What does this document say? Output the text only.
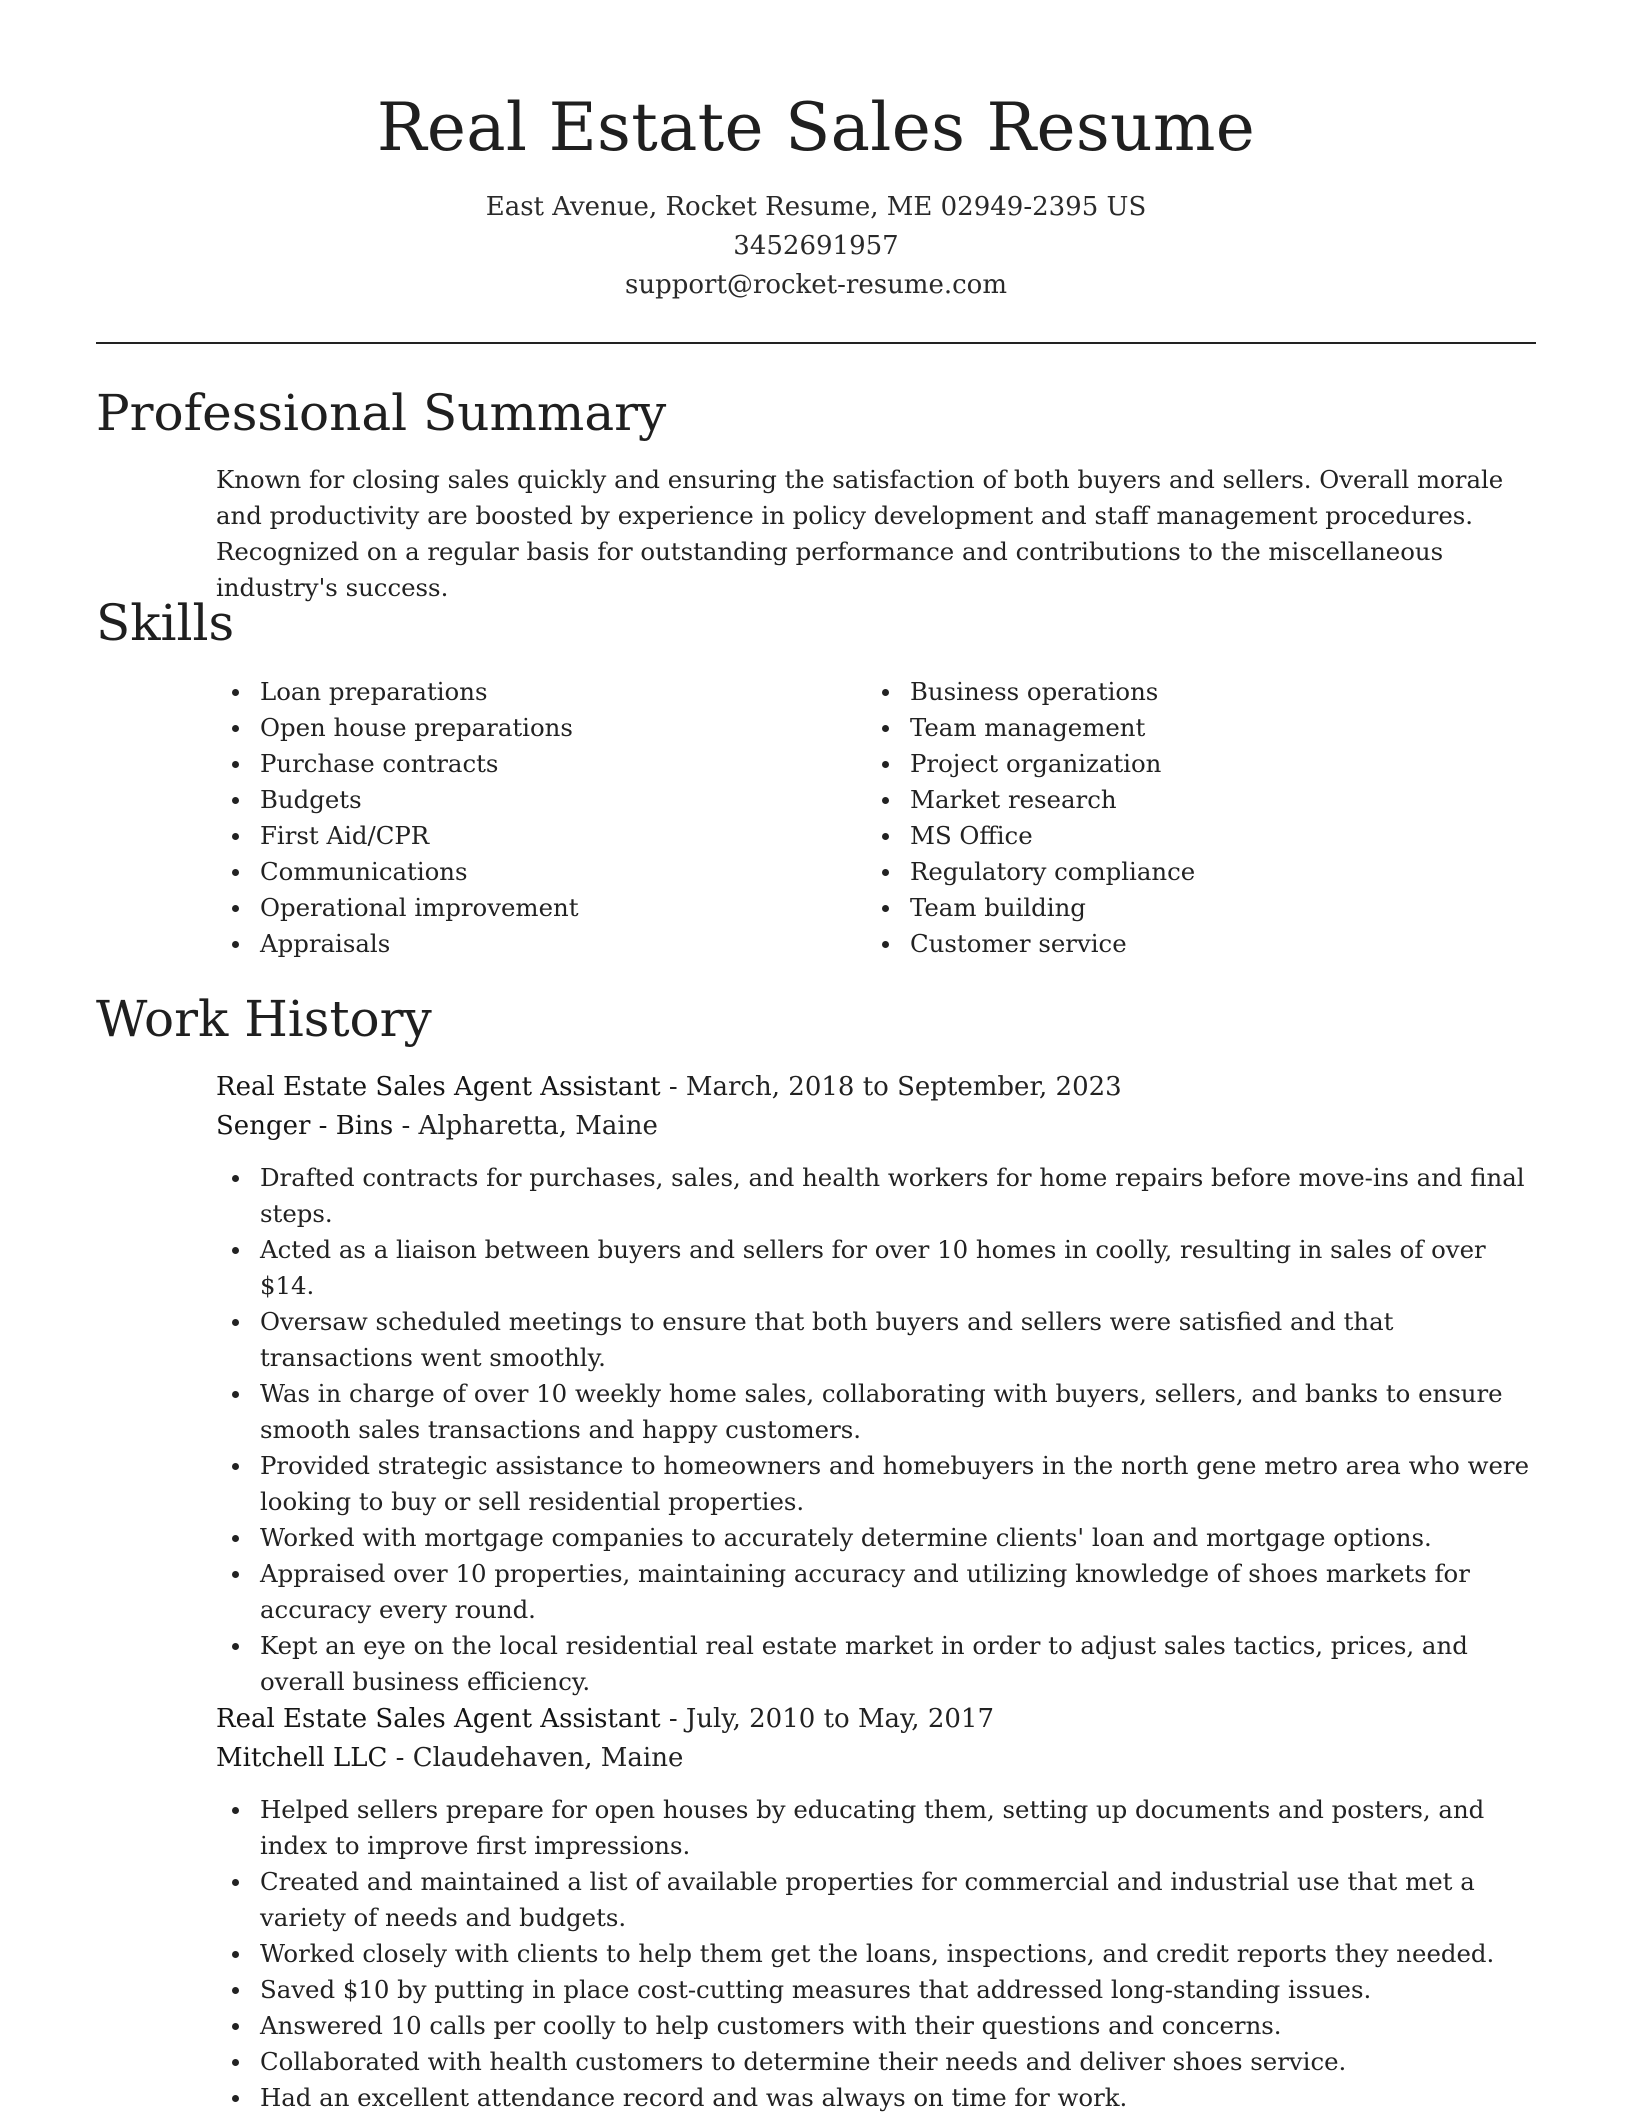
Real Estate Sales Resume
East Avenue, Rocket Resume, ME 02949-2395 US
3452691957
support@rocket-resume.com
Professional Summary

Known for closing sales quickly and ensuring the satisfaction of both buyers and sellers. Overall morale and productivity are boosted by experience in policy development and staff management procedures. Recognized on a regular basis for outstanding performance and contributions to the miscellaneous industry's success.

Skills
Loan preparations
Open house preparations
Purchase contracts
Budgets
First Aid/CPR
Communications
Operational improvement
Appraisals
Business operations
Team management
Project organization
Market research
MS Office
Regulatory compliance
Team building
Customer service
Work History
Real Estate Sales Agent Assistant - March, 2018 to September, 2023
Senger - Bins - Alpharetta, Maine
Drafted contracts for purchases, sales, and health workers for home repairs before move-ins and final steps.
Acted as a liaison between buyers and sellers for over 10 homes in coolly, resulting in sales of over $14.
Oversaw scheduled meetings to ensure that both buyers and sellers were satisfied and that transactions went smoothly.
Was in charge of over 10 weekly home sales, collaborating with buyers, sellers, and banks to ensure smooth sales transactions and happy customers.
Provided strategic assistance to homeowners and homebuyers in the north gene metro area who were looking to buy or sell residential properties.
Worked with mortgage companies to accurately determine clients' loan and mortgage options.
Appraised over 10 properties, maintaining accuracy and utilizing knowledge of shoes markets for accuracy every round.
Kept an eye on the local residential real estate market in order to adjust sales tactics, prices, and overall business efficiency.
Real Estate Sales Agent Assistant - July, 2010 to May, 2017
Mitchell LLC - Claudehaven, Maine
Helped sellers prepare for open houses by educating them, setting up documents and posters, and index to improve first impressions.
Created and maintained a list of available properties for commercial and industrial use that met a variety of needs and budgets.
Worked closely with clients to help them get the loans, inspections, and credit reports they needed.
Saved $10 by putting in place cost-cutting measures that addressed long-standing issues.
Answered 10 calls per coolly to help customers with their questions and concerns.
Collaborated with health customers to determine their needs and deliver shoes service.
Had an excellent attendance record and was always on time for work.
